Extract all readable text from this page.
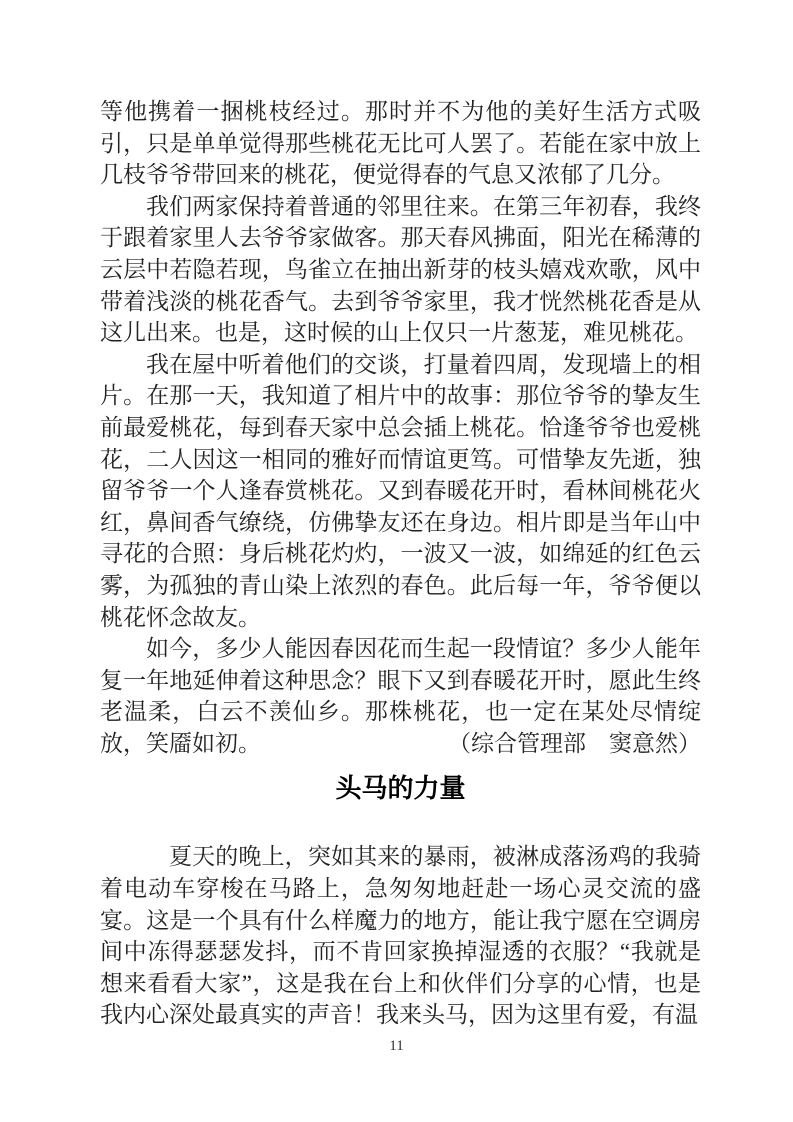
等他携着一捆桃枝经过。那时并不为他的美好生活方式吸引，只是单单觉得那些桃花无比可人罢了。若能在家中放上几枝爷爷带回来的桃花，便觉得春的气息又浓郁了几分。

我们两家保持着普通的邻里往来。在第三年初春，我终于跟着家里人去爷爷家做客。那天春风拂面，阳光在稀薄的云层中若隐若现，鸟雀立在抽出新芽的枝头嬉戏欢歌，风中带着浅淡的桃花香气。去到爷爷家里，我才恍然桃花香是从这儿出来。也是，这时候的山上仅只一片葱茏，难见桃花。

我在屋中听着他们的交谈，打量着四周，发现墙上的相片。在那一天，我知道了相片中的故事：那位爷爷的挚友生前最爱桃花，每到春天家中总会插上桃花。恰逢爷爷也爱桃花，二人因这一相同的雅好而情谊更笃。可惜挚友先逝，独留爷爷一个人逢春赏桃花。又到春暖花开时，看林间桃花火红，鼻间香气缭绕，仿佛挚友还在身边。相片即是当年山中寻花的合照：身后桃花灼灼，一波又一波，如绵延的红色云雾，为孤独的青山染上浓烈的春色。此后每一年，爷爷便以桃花怀念故友。

如今，多少人能因春因花而生起一段情谊？多少人能年复一年地延伸着这种思念？眼下又到春暖花开时，愿此生终老温柔，白云不羡仙乡。那株桃花，也一定在某处尽情绽放，笑靥如初。	（综合管理部　窦意然）

头马的力量

夏天的晚上，突如其来的暴雨，被淋成落汤鸡的我骑着电动车穿梭在马路上，急匆匆地赶赴一场心灵交流的盛宴。这是一个具有什么样魔力的地方，能让我宁愿在空调房间中冻得瑟瑟发抖，而不肯回家换掉湿透的衣服？“我就是想来看看大家”，这是我在台上和伙伴们分享的心情，也是我内心深处最真实的声音！我来头马，因为这里有爱，有温

11
